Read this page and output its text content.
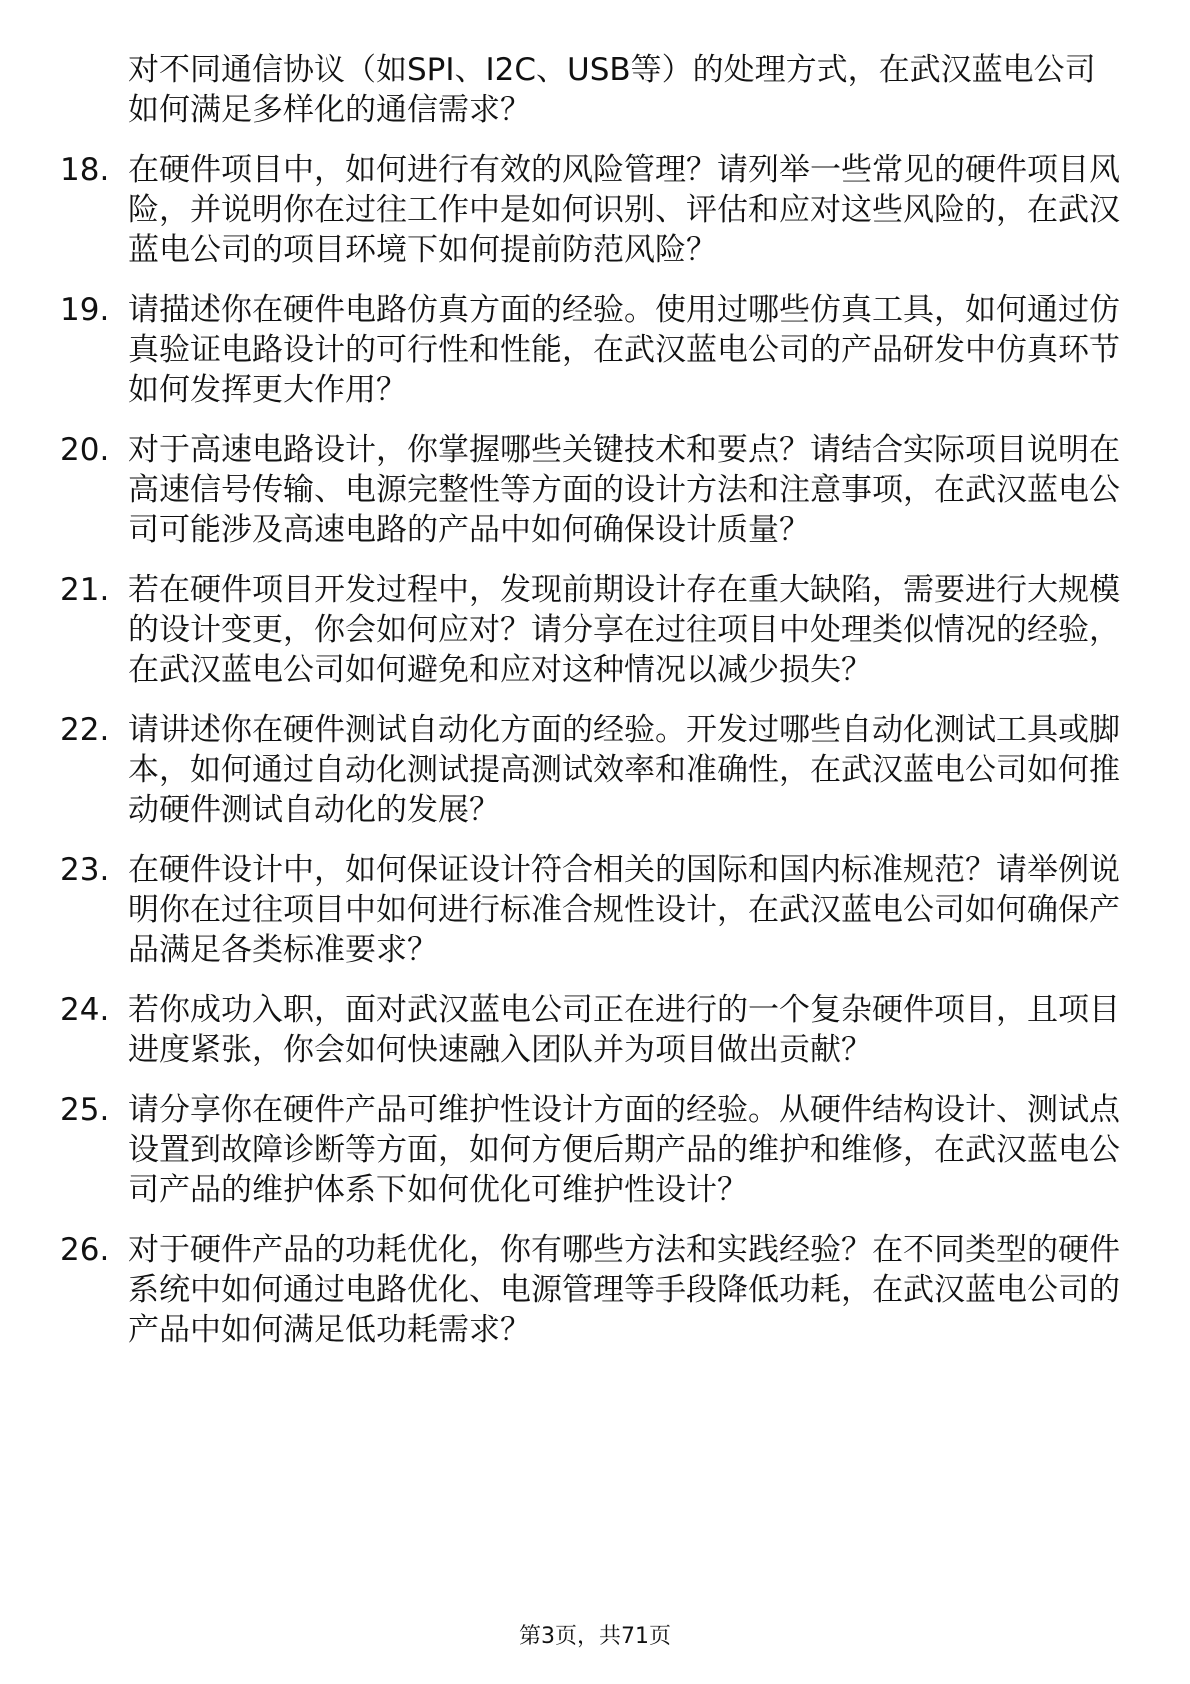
对不同通信协议（如SPI、I2C、USB等）的处理方式，在武汉蓝电公司如何满足多样化的通信需求？
18. 在硬件项目中，如何进行有效的风险管理？请列举一些常见的硬件项目风险，并说明你在过往工作中是如何识别、评估和应对这些风险的，在武汉蓝电公司的项目环境下如何提前防范风险？
19. 请描述你在硬件电路仿真方面的经验。使用过哪些仿真工具，如何通过仿真验证电路设计的可行性和性能，在武汉蓝电公司的产品研发中仿真环节如何发挥更大作用？
20. 对于高速电路设计，你掌握哪些关键技术和要点？请结合实际项目说明在高速信号传输、电源完整性等方面的设计方法和注意事项，在武汉蓝电公司可能涉及高速电路的产品中如何确保设计质量？
21. 若在硬件项目开发过程中，发现前期设计存在重大缺陷，需要进行大规模的设计变更，你会如何应对？请分享在过往项目中处理类似情况的经验，在武汉蓝电公司如何避免和应对这种情况以减少损失？
22. 请讲述你在硬件测试自动化方面的经验。开发过哪些自动化测试工具或脚本，如何通过自动化测试提高测试效率和准确性，在武汉蓝电公司如何推动硬件测试自动化的发展？
23. 在硬件设计中，如何保证设计符合相关的国际和国内标准规范？请举例说明你在过往项目中如何进行标准合规性设计，在武汉蓝电公司如何确保产品满足各类标准要求？
24. 若你成功入职，面对武汉蓝电公司正在进行的一个复杂硬件项目，且项目进度紧张，你会如何快速融入团队并为项目做出贡献？
25. 请分享你在硬件产品可维护性设计方面的经验。从硬件结构设计、测试点设置到故障诊断等方面，如何方便后期产品的维护和维修，在武汉蓝电公司产品的维护体系下如何优化可维护性设计？
26. 对于硬件产品的功耗优化，你有哪些方法和实践经验？在不同类型的硬件系统中如何通过电路优化、电源管理等手段降低功耗，在武汉蓝电公司的产品中如何满足低功耗需求？
第3页，共71页
